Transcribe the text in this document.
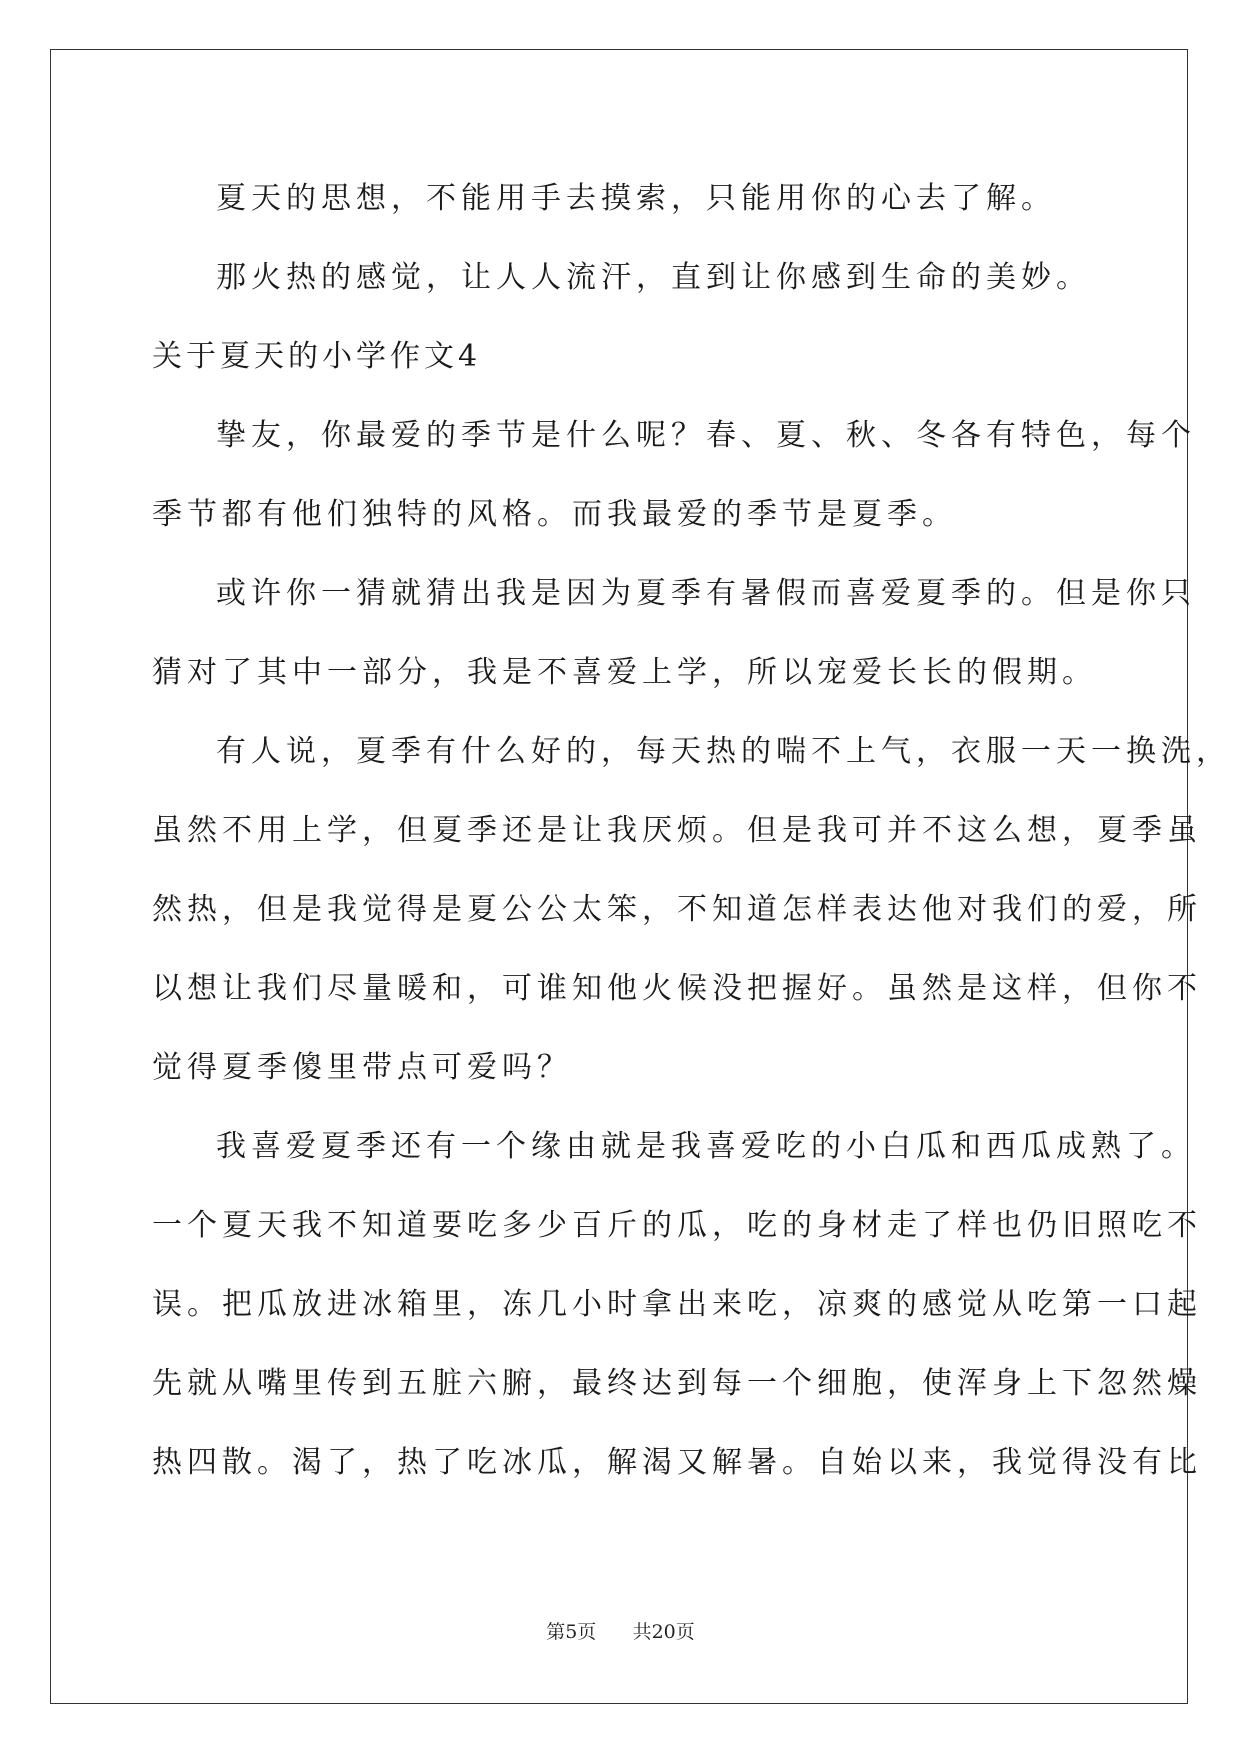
夏天的思想，不能用手去摸索，只能用你的心去了解。
那火热的感觉，让人人流汗，直到让你感到生命的美妙。
关于夏天的小学作文4
挚友，你最爱的季节是什么呢？春、夏、秋、冬各有特色，每个
季节都有他们独特的风格。而我最爱的季节是夏季。
或许你一猜就猜出我是因为夏季有暑假而喜爱夏季的。但是你只
猜对了其中一部分，我是不喜爱上学，所以宠爱长长的假期。
有人说，夏季有什么好的，每天热的喘不上气，衣服一天一换洗，
虽然不用上学，但夏季还是让我厌烦。但是我可并不这么想，夏季虽
然热，但是我觉得是夏公公太笨，不知道怎样表达他对我们的爱，所
以想让我们尽量暖和，可谁知他火候没把握好。虽然是这样，但你不
觉得夏季傻里带点可爱吗？
我喜爱夏季还有一个缘由就是我喜爱吃的小白瓜和西瓜成熟了。
一个夏天我不知道要吃多少百斤的瓜，吃的身材走了样也仍旧照吃不
误。把瓜放进冰箱里，冻几小时拿出来吃，凉爽的感觉从吃第一口起
先就从嘴里传到五脏六腑，最终达到每一个细胞，使浑身上下忽然燥
热四散。渴了，热了吃冰瓜，解渴又解暑。自始以来，我觉得没有比
第5页 共20页
